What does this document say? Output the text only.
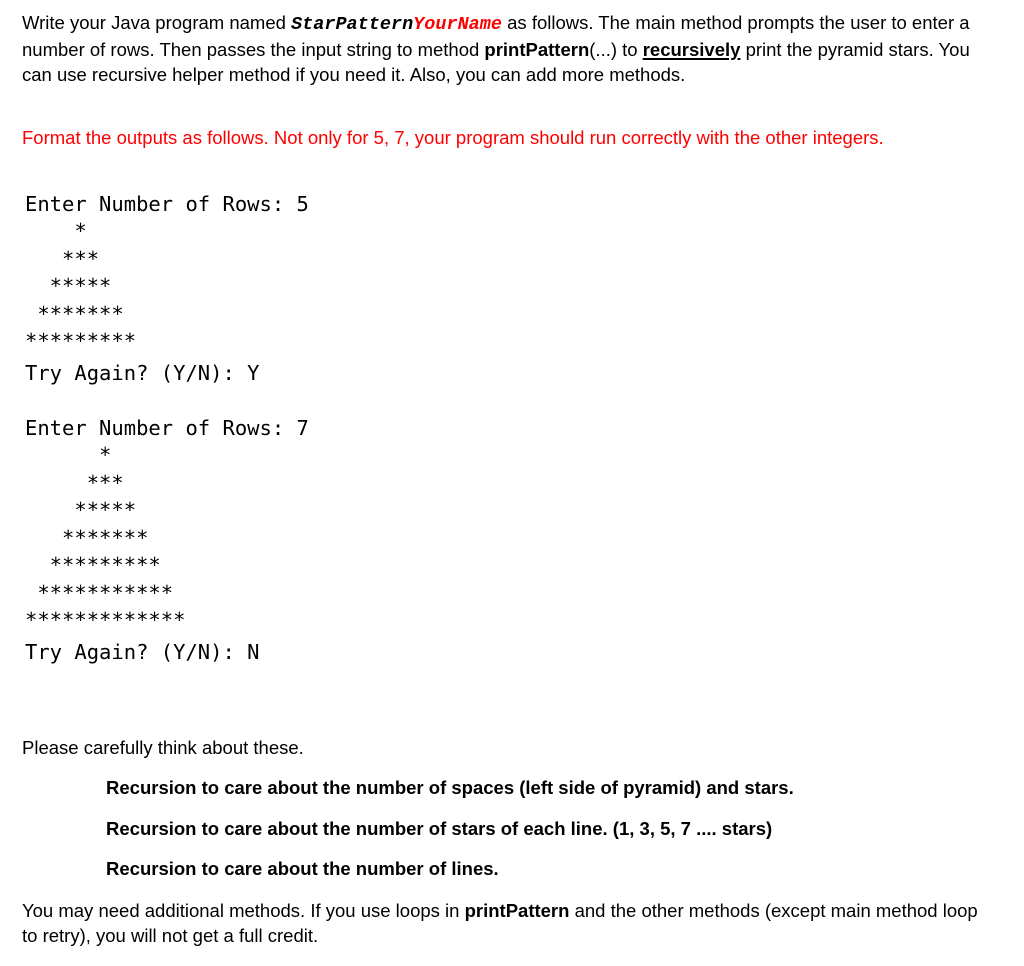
Write your Java program named StarPatternYourName as follows. The main method prompts the user to enter a number of rows. Then passes the input string to method printPattern(...) to recursively print the pyramid stars. You can use recursive helper method if you need it. Also, you can add more methods.

Format the outputs as follows. Not only for 5, 7, your program should run correctly with the other integers.

Enter Number of Rows: 5
*
***
*****
*******
*********
Try Again? (Y/N): Y
Enter Number of Rows: 7
*
***
*****
*******
*********
***********
*************
Try Again? (Y/N): N

Please carefully think about these.

Recursion to care about the number of spaces (left side of pyramid) and stars.

Recursion to care about the number of stars of each line. (1, 3, 5, 7 .... stars)

Recursion to care about the number of lines.

You may need additional methods. If you use loops in printPattern and the other methods (except main method loop to retry), you will not get a full credit.
